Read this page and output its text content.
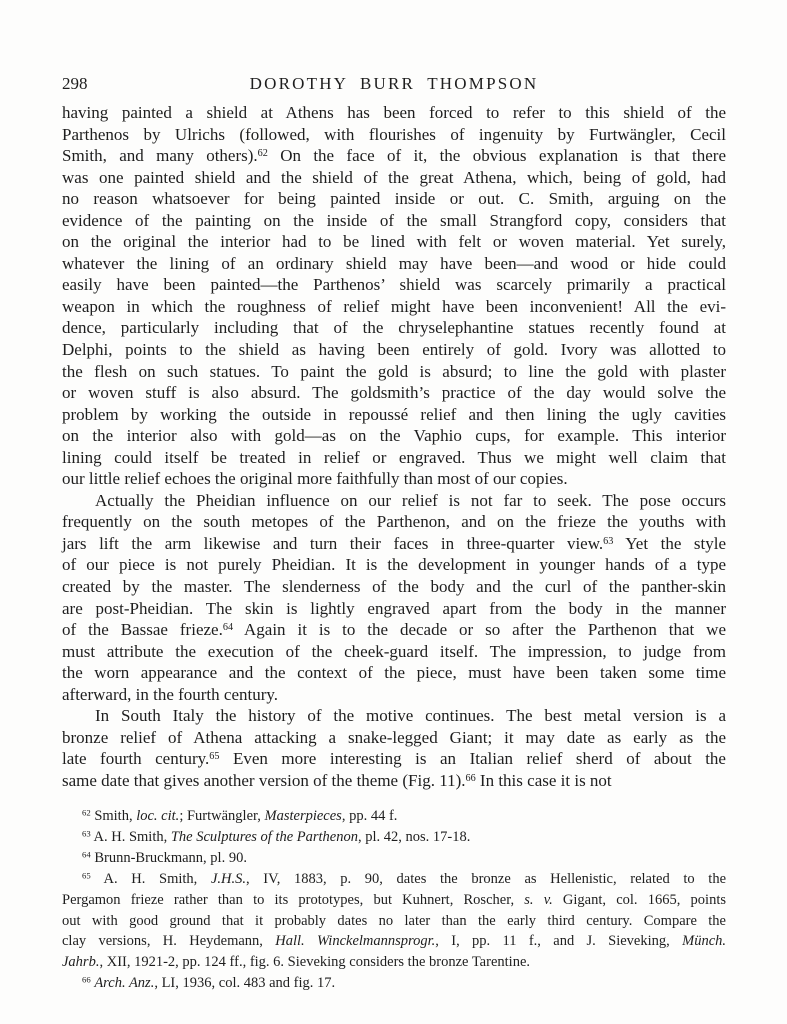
298	DOROTHY BURR THOMPSON
having painted a shield at Athens has been forced to refer to this shield of the
Parthenos by Ulrichs (followed, with flourishes of ingenuity by Furtwängler, Cecil
Smith, and many others).$^{62}$ On the face of it, the obvious explanation is that there
was one painted shield and the shield of the great Athena, which, being of gold, had
no reason whatsoever for being painted inside or out. C. Smith, arguing on the
evidence of the painting on the inside of the small Strangford copy, considers that
on the original the interior had to be lined with felt or woven material. Yet surely,
whatever the lining of an ordinary shield may have been—and wood or hide could
easily have been painted—the Parthenos’ shield was scarcely primarily a practical
weapon in which the roughness of relief might have been inconvenient! All the evi-
dence, particularly including that of the chryselephantine statues recently found at
Delphi, points to the shield as having been entirely of gold. Ivory was allotted to
the flesh on such statues. To paint the gold is absurd; to line the gold with plaster
or woven stuff is also absurd. The goldsmith’s practice of the day would solve the
problem by working the outside in repoussé relief and then lining the ugly cavities
on the interior also with gold—as on the Vaphio cups, for example. This interior
lining could itself be treated in relief or engraved. Thus we might well claim that
our little relief echoes the original more faithfully than most of our copies.
Actually the Pheidian influence on our relief is not far to seek. The pose occurs
frequently on the south metopes of the Parthenon, and on the frieze the youths with
jars lift the arm likewise and turn their faces in three-quarter view.$^{63}$ Yet the style
of our piece is not purely Pheidian. It is the development in younger hands of a type
created by the master. The slenderness of the body and the curl of the panther-skin
are post-Pheidian. The skin is lightly engraved apart from the body in the manner
of the Bassae frieze.$^{64}$ Again it is to the decade or so after the Parthenon that we
must attribute the execution of the cheek-guard itself. The impression, to judge from
the worn appearance and the context of the piece, must have been taken some time
afterward, in the fourth century.
In South Italy the history of the motive continues. The best metal version is a
bronze relief of Athena attacking a snake-legged Giant; it may date as early as the
late fourth century.$^{65}$ Even more interesting is an Italian relief sherd of about the
same date that gives another version of the theme (Fig. 11).$^{66}$ In this case it is not
$^{62}$ Smith, loc. cit.; Furtwängler, Masterpieces, pp. 44 f.
$^{63}$ A. H. Smith, The Sculptures of the Parthenon, pl. 42, nos. 17-18.
$^{64}$ Brunn-Bruckmann, pl. 90.
$^{65}$ A. H. Smith, J.H.S., IV, 1883, p. 90, dates the bronze as Hellenistic, related to the
Pergamon frieze rather than to its prototypes, but Kuhnert, Roscher, s. v. Gigant, col. 1665, points
out with good ground that it probably dates no later than the early third century. Compare the
clay versions, H. Heydemann, Hall. Winckelmannsprogr., I, pp. 11 f., and J. Sieveking, Münch.
Jahrb., XII, 1921-2, pp. 124 ff., fig. 6. Sieveking considers the bronze Tarentine.
$^{66}$ Arch. Anz., LI, 1936, col. 483 and fig. 17.
